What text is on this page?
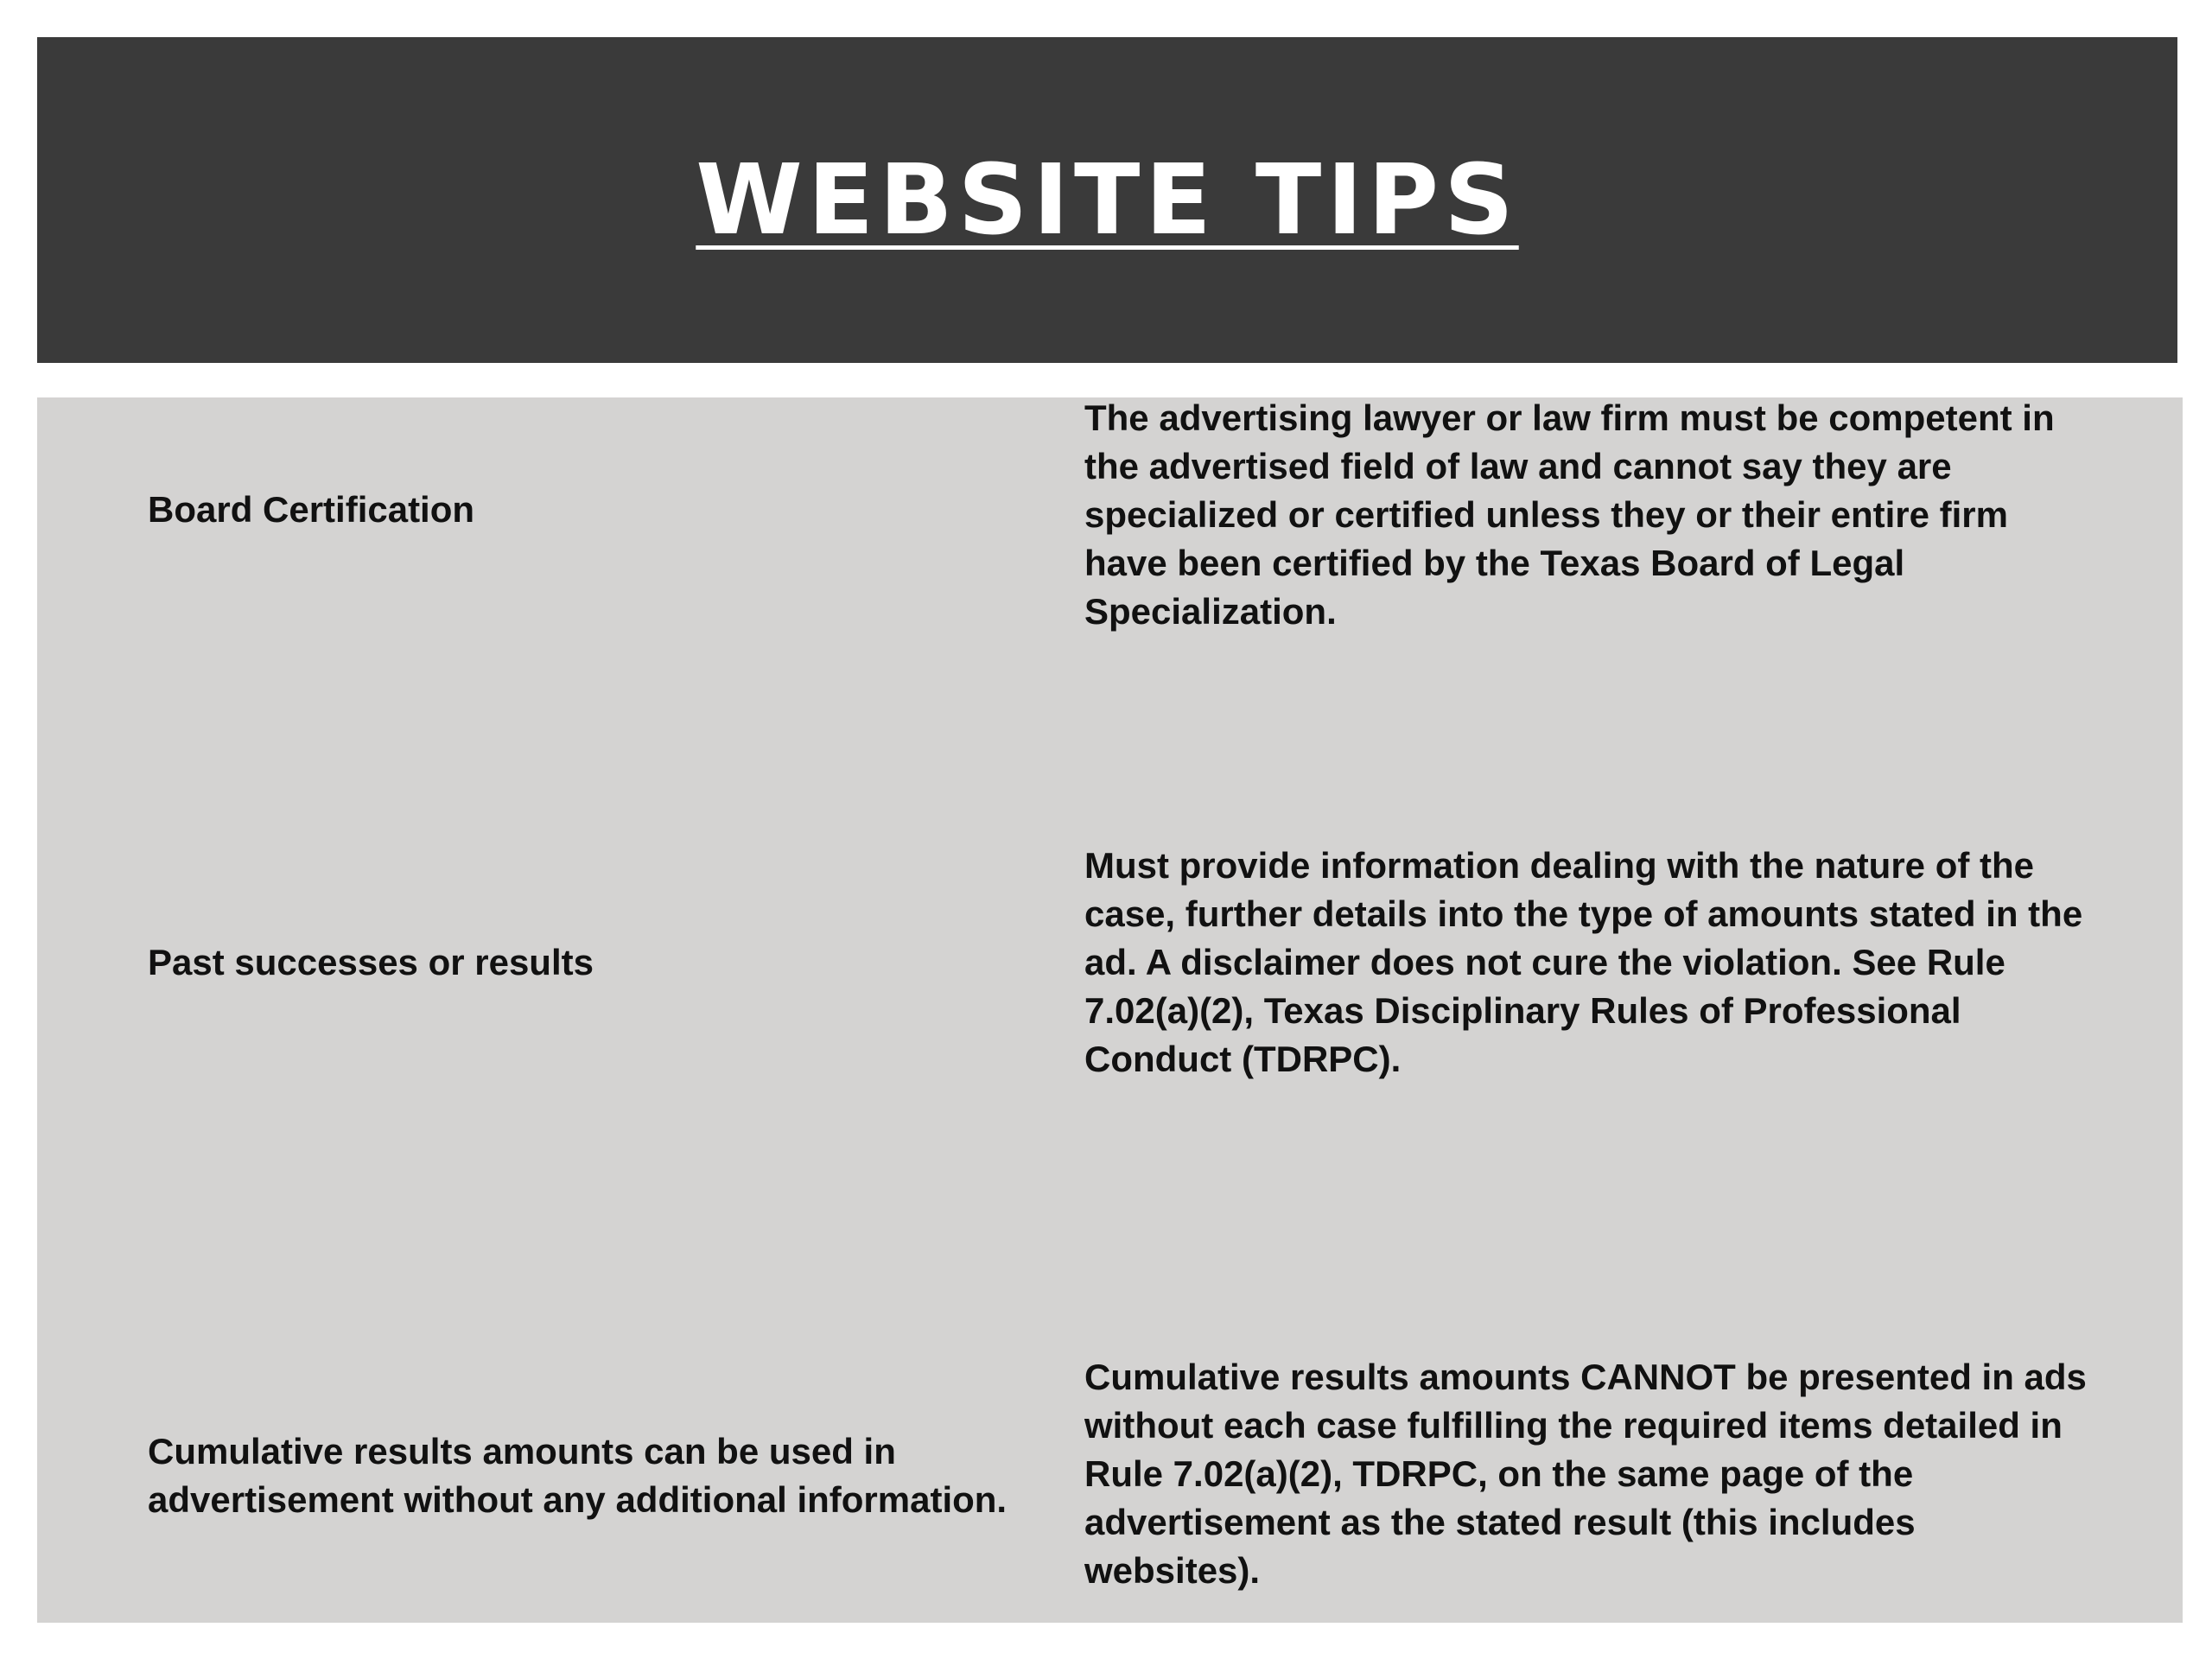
WEBSITE TIPS
Board Certification
The advertising lawyer or law firm must be competent in the advertised field of law and cannot say they are specialized or certified unless they or their entire firm have been certified by the Texas Board of Legal Specialization.
Past successes or results
Must provide information dealing with the nature of the case, further details into the type of amounts stated in the ad. A disclaimer does not cure the violation. See Rule 7.02(a)(2), Texas Disciplinary Rules of Professional Conduct (TDRPC).
Cumulative results amounts can be used in advertisement without any additional information.
Cumulative results amounts CANNOT be presented in ads without each case fulfilling the required items detailed in Rule 7.02(a)(2), TDRPC, on the same page of the advertisement as the stated result (this includes websites).
